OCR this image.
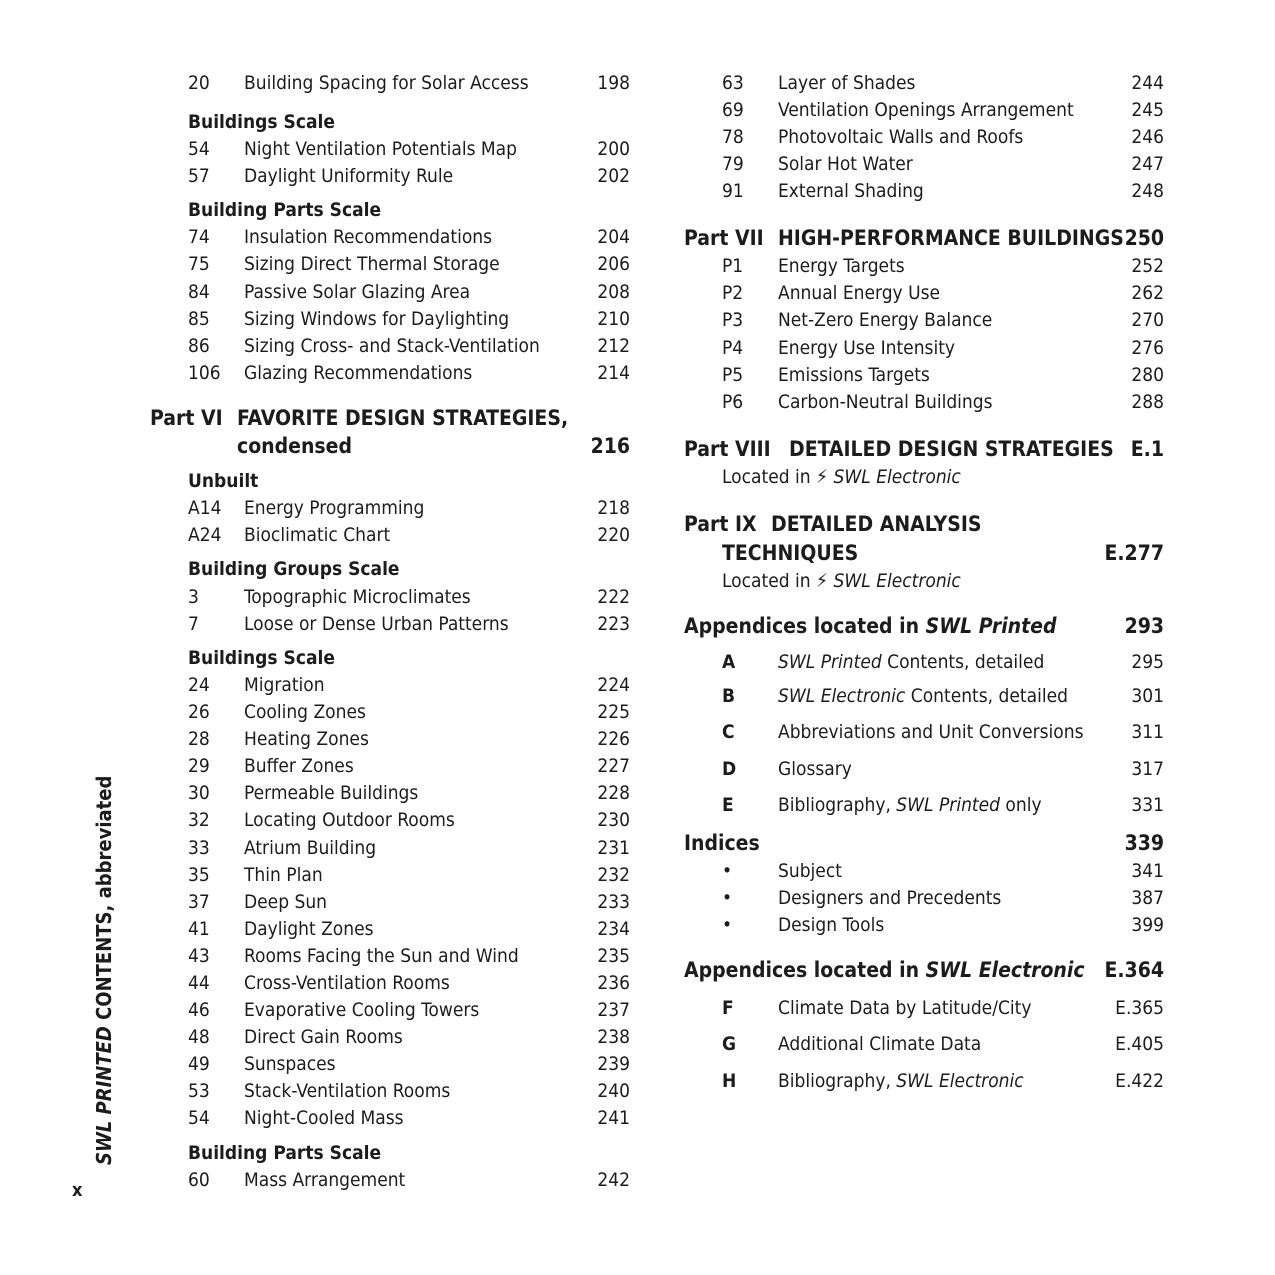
SWL PRINTED CONTENTS, abbreviated
x
20 Building Spacing for Solar Access	198
Buildings Scale
54 Night Ventilation Potentials Map	200
57 Daylight Uniformity Rule	202
Building Parts Scale
74 Insulation Recommendations	204
75 Sizing Direct Thermal Storage	206
84 Passive Solar Glazing Area	208
85 Sizing Windows for Daylighting	210
86 Sizing Cross- and Stack-Ventilation	212
106 Glazing Recommendations	214
Part VI FAVORITE DESIGN STRATEGIES,
condensed	216
Unbuilt
A14 Energy Programming	218
A24 Bioclimatic Chart	220
Building Groups Scale
3 Topographic Microclimates	222
7 Loose or Dense Urban Patterns	223
Buildings Scale
24 Migration	224
26 Cooling Zones	225
28 Heating Zones	226
29 Buffer Zones	227
30 Permeable Buildings	228
32 Locating Outdoor Rooms	230
33 Atrium Building	231
35 Thin Plan	232
37 Deep Sun	233
41 Daylight Zones	234
43 Rooms Facing the Sun and Wind	235
44 Cross-Ventilation Rooms	236
46 Evaporative Cooling Towers	237
48 Direct Gain Rooms	238
49 Sunspaces	239
53 Stack-Ventilation Rooms	240
54 Night-Cooled Mass	241
Building Parts Scale
60 Mass Arrangement	242
63 Layer of Shades	244
69 Ventilation Openings Arrangement	245
78 Photovoltaic Walls and Roofs	246
79 Solar Hot Water	247
91 External Shading	248
Part VII HIGH-PERFORMANCE BUILDINGS 250
P1 Energy Targets	252
P2 Annual Energy Use	262
P3 Net-Zero Energy Balance	270
P4 Energy Use Intensity	276
P5 Emissions Targets	280
P6 Carbon-Neutral Buildings	288
Part VIII DETAILED DESIGN STRATEGIES E.1
Located in ⚡ SWL Electronic
Part IX DETAILED ANALYSIS
TECHNIQUES	E.277
Located in ⚡ SWL Electronic
Appendices located in SWL Printed	293
A SWL Printed Contents, detailed	295
B SWL Electronic Contents, detailed	301
C Abbreviations and Unit Conversions	311
D Glossary	317
E Bibliography, SWL Printed only	331
Indices	339
• Subject	341
• Designers and Precedents	387
• Design Tools	399
Appendices located in SWL Electronic E.364
F Climate Data by Latitude/City	E.365
G Additional Climate Data	E.405
H Bibliography, SWL Electronic	E.422
